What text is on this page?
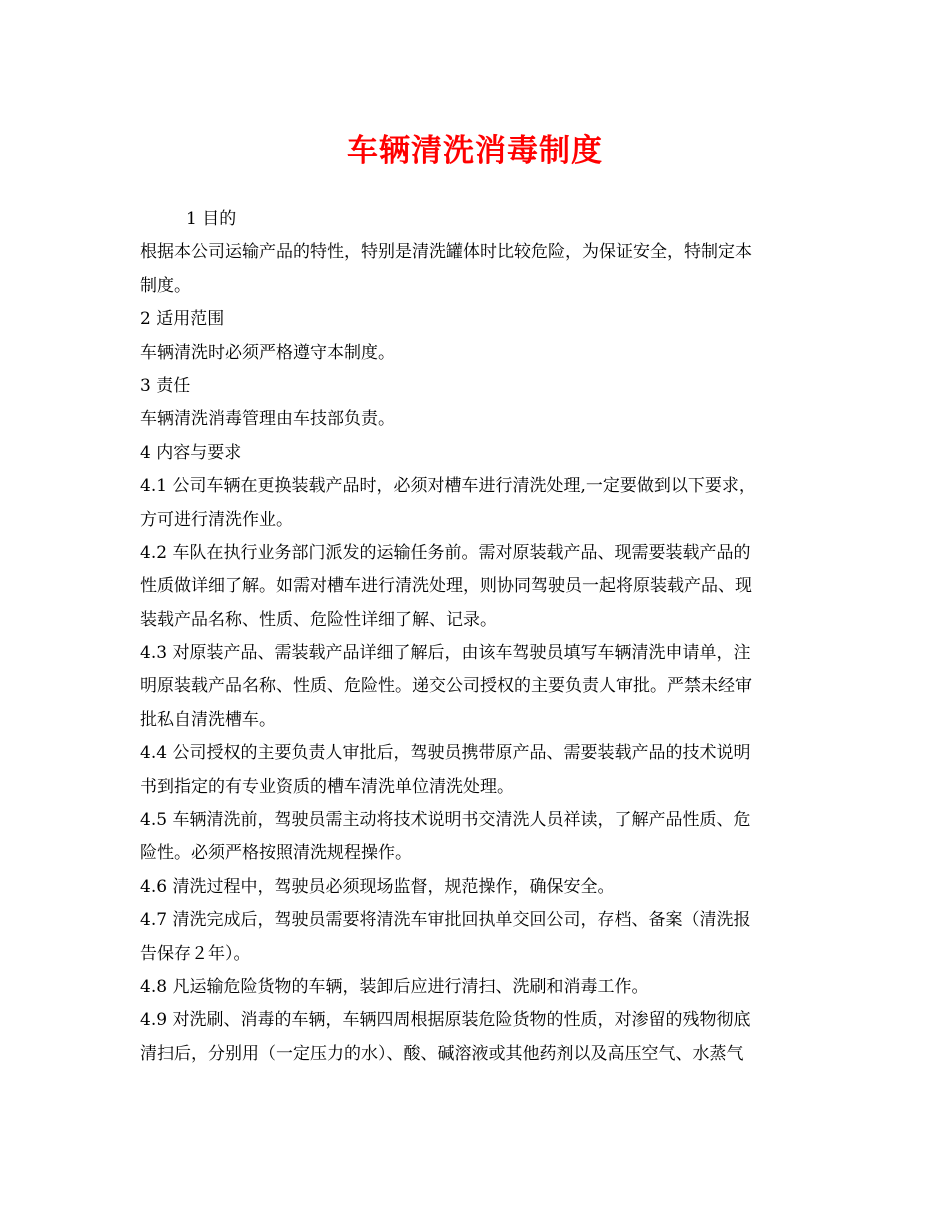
车辆清洗消毒制度
1 目的
根据本公司运输产品的特性，特别是清洗罐体时比较危险，为保证安全，特制定本
制度。
2 适用范围
车辆清洗时必须严格遵守本制度。
3 责任
车辆清洗消毒管理由车技部负责。
4 内容与要求
4.1 公司车辆在更换装载产品时，必须对槽车进行清洗处理,一定要做到以下要求，
方可进行清洗作业。
4.2 车队在执行业务部门派发的运输任务前。需对原装载产品、现需要装载产品的
性质做详细了解。如需对槽车进行清洗处理，则协同驾驶员一起将原装载产品、现
装载产品名称、性质、危险性详细了解、记录。
4.3 对原装产品、需装载产品详细了解后，由该车驾驶员填写车辆清洗申请单，注
明原装载产品名称、性质、危险性。递交公司授权的主要负责人审批。严禁未经审
批私自清洗槽车。
4.4 公司授权的主要负责人审批后，驾驶员携带原产品、需要装载产品的技术说明
书到指定的有专业资质的槽车清洗单位清洗处理。
4.5 车辆清洗前，驾驶员需主动将技术说明书交清洗人员祥读，了解产品性质、危
险性。必须严格按照清洗规程操作。
4.6 清洗过程中，驾驶员必须现场监督，规范操作，确保安全。
4.7 清洗完成后，驾驶员需要将清洗车审批回执单交回公司，存档、备案（清洗报
告保存２年）。
4.8 凡运输危险货物的车辆，装卸后应进行清扫、洗刷和消毒工作。
4.9 对洗刷、消毒的车辆，车辆四周根据原装危险货物的性质，对渗留的残物彻底
清扫后，分别用（一定压力的水）、酸、碱溶液或其他药剂以及高压空气、水蒸气
